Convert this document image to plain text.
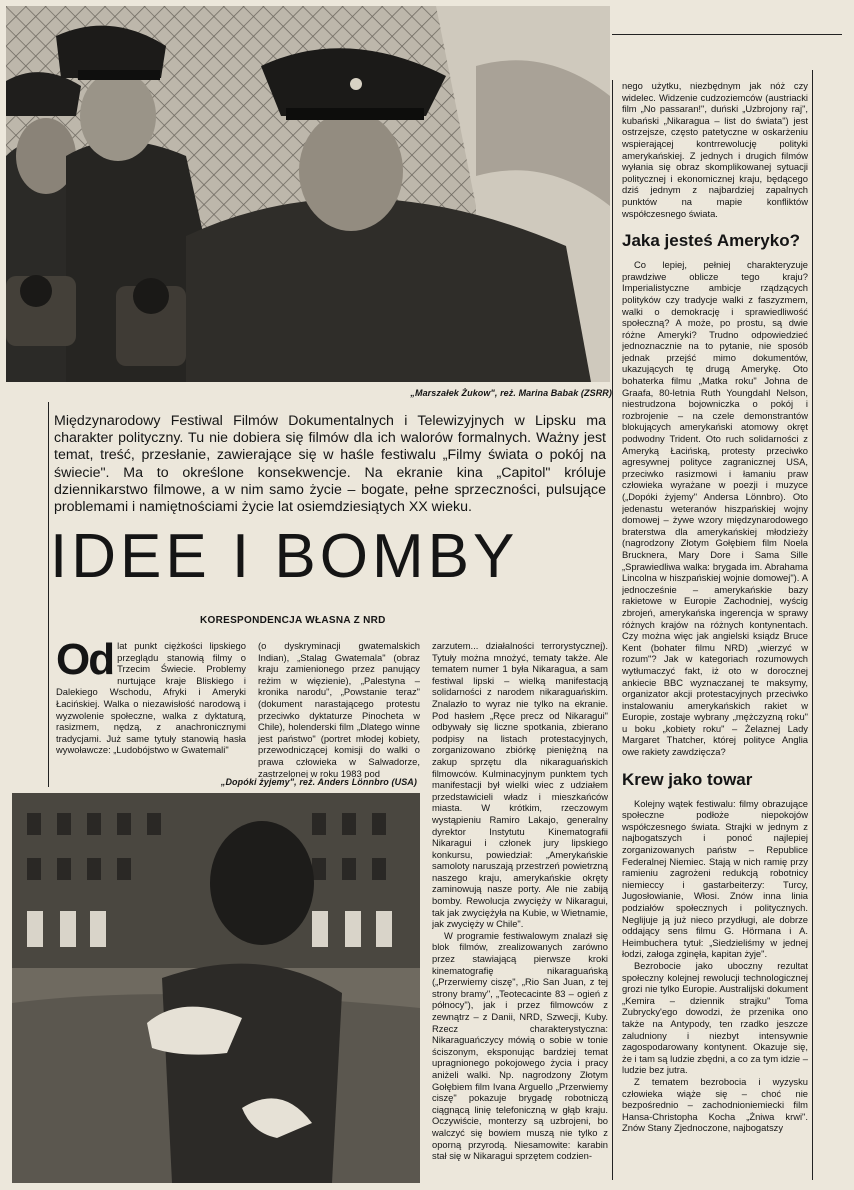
„Marszałek Żukow", reż. Marina Babak (ZSRR)
Międzynarodowy Festiwal Filmów Dokumentalnych i Telewizyjnych w Lipsku ma charakter polityczny. Tu nie dobiera się filmów dla ich walorów formalnych. Ważny jest temat, treść, przesłanie, zawierające się w haśle festiwalu „Filmy świata o pokój na świecie". Ma to określone konsekwencje. Na ekranie kina „Capitol" króluje dziennikarstwo filmowe, a w nim samo życie – bogate, pełne sprzeczności, pulsujące problemami i namiętnościami życie lat osiemdziesiątych XX wieku.
IDEE I BOMBY
KORESPONDENCJA WŁASNA Z NRD
Od lat punkt ciężkości lipskiego przeglądu stanowią filmy o Trzecim Świecie. Problemy nurtujące kraje Bliskiego i Dalekiego Wschodu, Afryki i Ameryki Łacińskiej. Walka o niezawisłość narodową i wyzwolenie społeczne, walka z dyktaturą, rasizmem, nędzą, z anachronicznymi tradycjami. Już same tytuły stanowią hasła wywoławcze: „Ludobójstwo w Gwatemali"

(o dyskryminacji gwatemalskich Indian), „Stalag Gwatemala" (obraz kraju zamienionego przez panujący reżim w więzienie), „Palestyna – kronika narodu", „Powstanie teraz" (dokument narastającego protestu przeciwko dyktaturze Pinocheta w Chile), holenderski film „Dlatego winne jest państwo" (portret młodej kobiety, przewodniczącej komisji do walki o prawa człowieka w Salwadorze, zastrzelonej w roku 1983 pod

„Dopóki żyjemy", reż. Anders Lönnbro (USA)

zarzutem... działalności terrorystycznej). Tytuły można mnożyć, tematy także. Ale tematem numer 1 była Nikaragua, a sam festiwal lipski – wielką manifestacją solidarności z narodem nikaraguańskim. Znalazło to wyraz nie tylko na ekranie. Pod hasłem „Ręce precz od Nikaragui" odbywały się liczne spotkania, zbierano podpisy na listach protestacyjnych, zorganizowano zbiórkę pieniężną na zakup sprzętu dla nikaraguańskich filmowców. Kulminacyjnym punktem tych manifestacji był wielki wiec z udziałem przedstawicieli władz i mieszkańców miasta. W krótkim, rzeczowym wystąpieniu Ramiro Lakajo, generalny dyrektor Instytutu Kinematografii Nikaragui i członek jury lipskiego konkursu, powiedział: „Amerykańskie samoloty naruszają przestrzeń powietrzną naszego kraju, amerykańskie okręty zaminowują nasze porty. Ale nie zabiją bomby. Rewolucja zwycięży w Nikaragui, tak jak zwyciężyła na Kubie, w Wietnamie, jak zwycięży w Chile".

W programie festiwalowym znalazł się blok filmów, zrealizowanych zarówno przez stawiającą pierwsze kroki kinematografię nikaraguańską („Przerwiemy ciszę", „Rio San Juan, z tej strony bramy", „Teotecacinte 83 – ogień z północy"), jak i przez filmowców z zewnątrz – z Danii, NRD, Szwecji, Kuby. Rzecz charakterystyczna: Nikaraguańczycy mówią o sobie w tonie ściszonym, eksponując bardziej temat upragnionego pokojowego życia i pracy aniżeli walki. Np. nagrodzony Złotym Gołębiem film Ivana Arguello „Przerwiemy ciszę" pokazuje brygadę robotniczą ciągnącą linię telefoniczną w głąb kraju. Oczywiście, monterzy są uzbrojeni, bo walczyć się bowiem muszą nie tylko z oporną przyrodą. Niesamowite: karabin stał się w Nikaragui sprzętem codzien-

nego użytku, niezbędnym jak nóż czy widelec. Widzenie cudzoziemców (austriacki film „No passaran!", duński „Uzbrojony raj", kubański „Nikaragua – list do świata") jest ostrzejsze, często patetyczne w oskarżeniu wspierającej kontrrewolucję polityki amerykańskiej. Z jednych i drugich filmów wyłania się obraz skomplikowanej sytuacji politycznej i ekonomicznej kraju, będącego dziś jednym z najbardziej zapalnych punktów na mapie konfliktów współczesnego świata.

Jaka jesteś Ameryko?

Co lepiej, pełniej charakteryzuje prawdziwe oblicze tego kraju? Imperialistyczne ambicje rządzących polityków czy tradycje walki z faszyzmem, walki o demokrację i sprawiedliwość społeczną? A może, po prostu, są dwie różne Ameryki? Trudno odpowiedzieć jednoznacznie na to pytanie, nie sposób jednak przejść mimo dokumentów, ukazujących tę drugą Amerykę. Oto bohaterka filmu „Matka roku" Johna de Graafa, 80-letnia Ruth Youngdahl Nelson, niestrudzona bojowniczka o pokój i rozbrojenie – na czele demonstrantów blokujących amerykański atomowy okręt podwodny Trident. Oto ruch solidarności z Ameryką Łacińską, protesty przeciwko agresywnej polityce zagranicznej USA, przeciwko rasizmowi i łamaniu praw człowieka wyrażane w poezji i muzyce („Dopóki żyjemy" Andersa Lönnbro). Oto jedenastu weteranów hiszpańskiej wojny domowej – żywe wzory międzynarodowego braterstwa dla amerykańskiej młodzieży (nagrodzony Złotym Gołębiem film Noela Brucknera, Mary Dore i Sama Sille „Sprawiedliwa walka: brygada im. Abrahama Lincolna w hiszpańskiej wojnie domowej"). A jednocześnie – amerykańskie bazy rakietowe w Europie Zachodniej, wyścig zbrojeń, amerykańska ingerencja w sprawy różnych krajów na różnych kontynentach. Czy można więc jak angielski ksiądz Bruce Kent (bohater filmu NRD) „wierzyć w rozum"? Jak w kategoriach rozumowych wytłumaczyć fakt, iż oto w dorocznej ankiecie BBC wyznaczanej te maksymy, organizator akcji protestacyjnych przeciwko instalowaniu amerykańskich rakiet w Europie, zostaje wybrany „mężczyzną roku" u boku „kobiety roku" – Żelaznej Lady Margaret Thatcher, której polityce Anglia owe rakiety zawdzięcza?

Krew jako towar

Kolejny wątek festiwalu: filmy obrazujące społeczne podłoże niepokojów współczesnego świata. Strajki w jednym z najbogatszych i ponoć najlepiej zorganizowanych państw – Republice Federalnej Niemiec. Stają w nich ramię przy ramieniu zagrożeni redukcją robotnicy niemieccy i gastarbeiterzy: Turcy, Jugosłowianie, Włosi. Znów inna linia podziałów społecznych i politycznych. Neglijuje ją już nieco przydługi, ale dobrze oddający sens filmu G. Hörmana i A. Heimbuchera tytuł: „Siedzieliśmy w jednej łodzi, załoga zginęła, kapitan żyje".

Bezrobocie jako uboczny rezultat społeczny kolejnej rewolucji technologicznej grozi nie tylko Europie. Australijski dokument „Kemira – dziennik strajku" Toma Zubrycky'ego dowodzi, że przenika ono także na Antypody, ten rzadko jeszcze zaludniony i niezbyt intensywnie zagospodarowany kontynent. Okazuje się, że i tam są ludzie zbędni, a co za tym idzie – ludzie bez jutra.

Z tematem bezrobocia i wyzysku człowieka wiąże się – choć nie bezpośrednio – zachodnioniemiecki film Hansa-Christopha Kocha „Żniwa krwi". Znów Stany Zjednoczone, najbogatszy
